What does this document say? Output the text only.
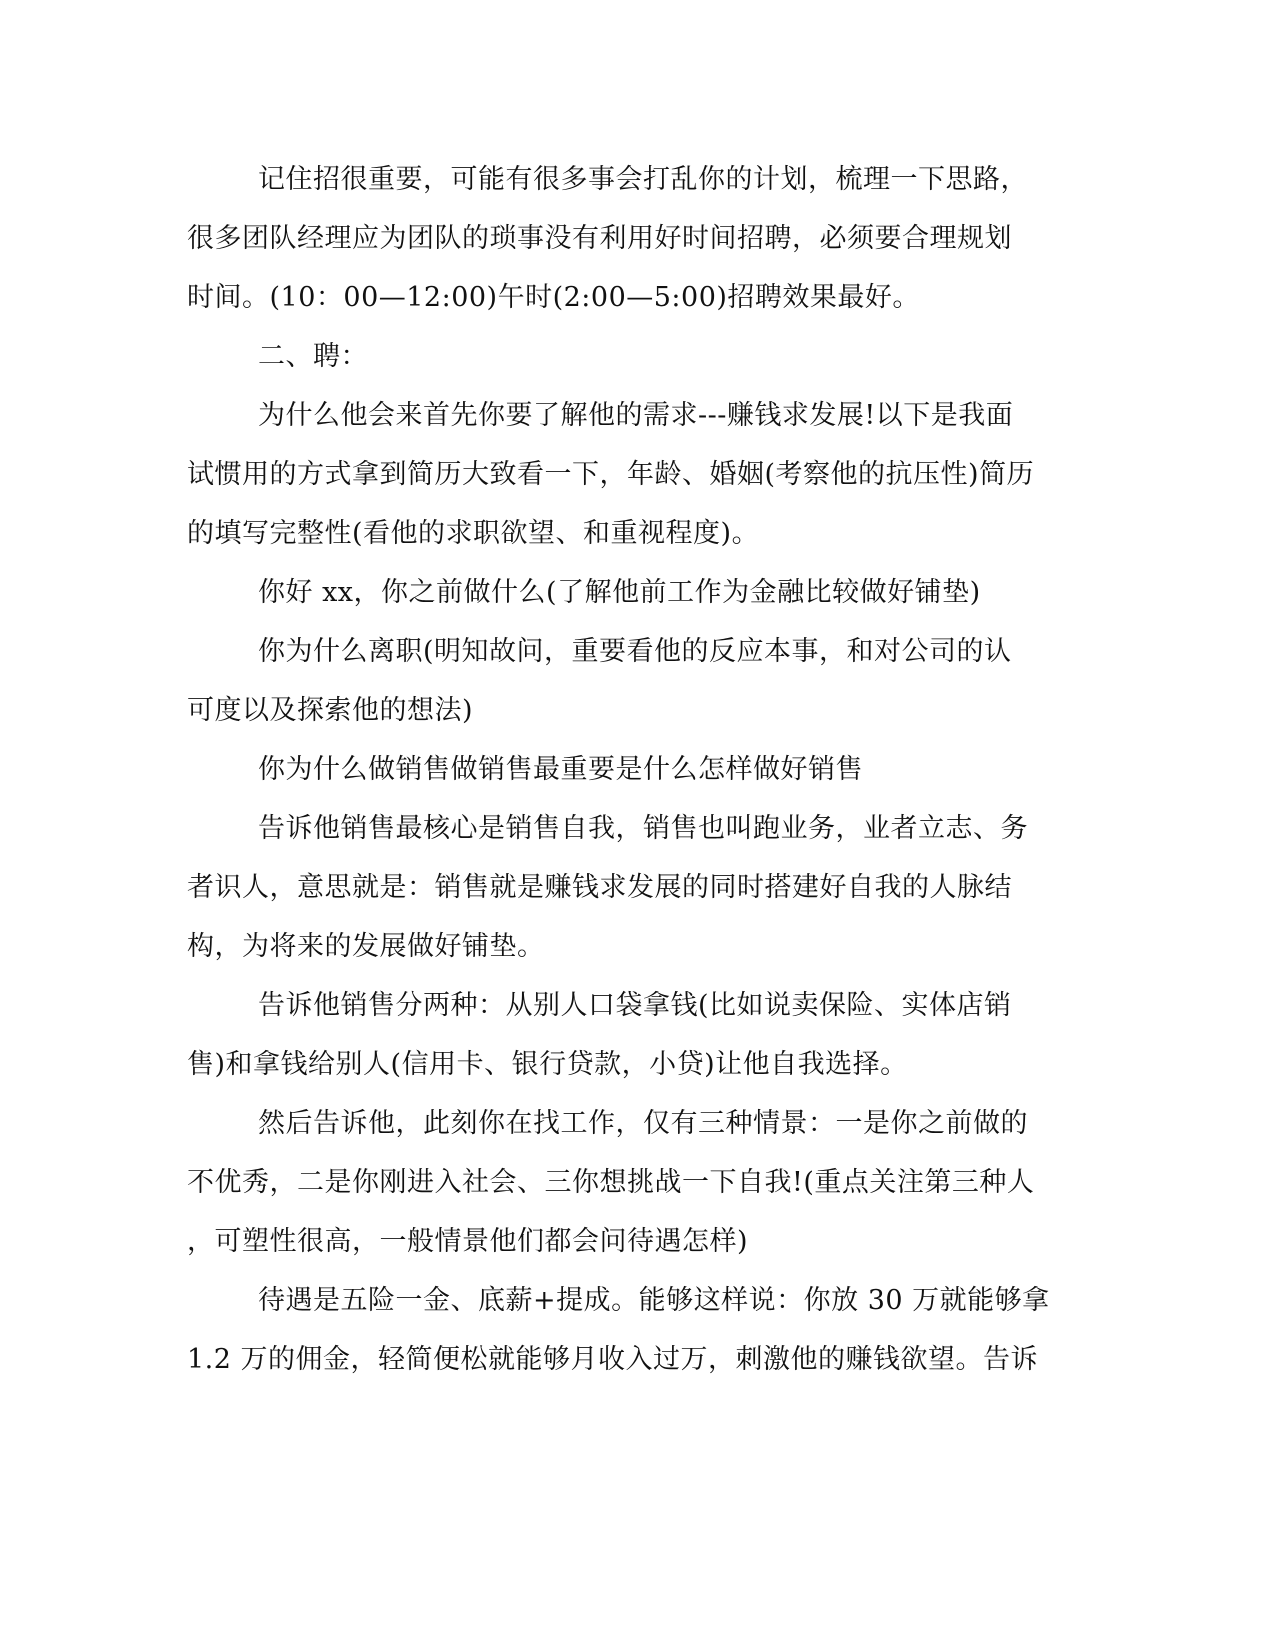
记住招很重要，可能有很多事会打乱你的计划，梳理一下思路，
很多团队经理应为团队的琐事没有利用好时间招聘，必须要合理规划
时间。(10：00—12:00)午时(2:00—5:00)招聘效果最好。
二、聘：
为什么他会来首先你要了解他的需求---赚钱求发展!以下是我面
试惯用的方式拿到简历大致看一下，年龄、婚姻(考察他的抗压性)简历
的填写完整性(看他的求职欲望、和重视程度)。
你好 xx，你之前做什么(了解他前工作为金融比较做好铺垫)
你为什么离职(明知故问，重要看他的反应本事，和对公司的认
可度以及探索他的想法)
你为什么做销售做销售最重要是什么怎样做好销售
告诉他销售最核心是销售自我，销售也叫跑业务，业者立志、务
者识人，意思就是：销售就是赚钱求发展的同时搭建好自我的人脉结
构，为将来的发展做好铺垫。
告诉他销售分两种：从别人口袋拿钱(比如说卖保险、实体店销
售)和拿钱给别人(信用卡、银行贷款，小贷)让他自我选择。
然后告诉他，此刻你在找工作，仅有三种情景：一是你之前做的
不优秀，二是你刚进入社会、三你想挑战一下自我!(重点关注第三种人
，可塑性很高，一般情景他们都会问待遇怎样)
待遇是五险一金、底薪+提成。能够这样说：你放 30 万就能够拿
1.2 万的佣金，轻简便松就能够月收入过万，刺激他的赚钱欲望。告诉
